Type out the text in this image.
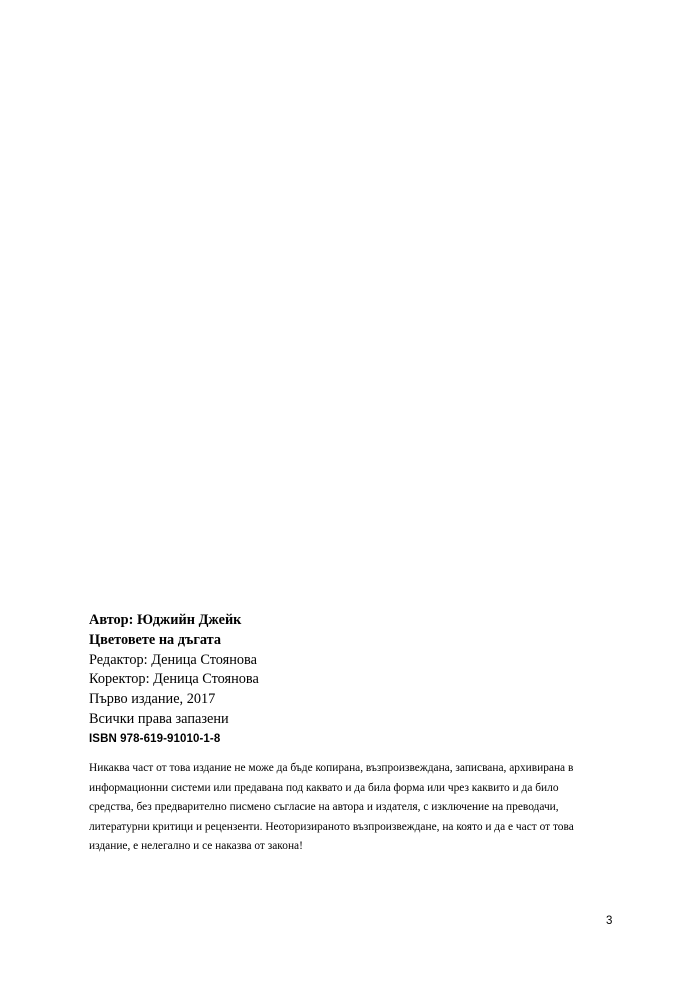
Автор: Юджийн Джейк
Цветовете на дъгата
Редактор: Деница Стоянова
Коректор: Деница Стоянова
Първо издание, 2017
Всички права запазени
ISBN 978-619-91010-1-8
Никаква част от това издание не може да бъде копирана, възпроизвеждана, записвана, архивирана в
информационни системи или предавана под каквато и да била форма или чрез каквито и да било
средства, без предварително писмено съгласие на автора и издателя, с изключение на преводачи,
литературни критици и рецензенти. Неоторизираното възпроизвеждане, на която и да е част от това
издание, е нелегално и се наказва от закона!
3
